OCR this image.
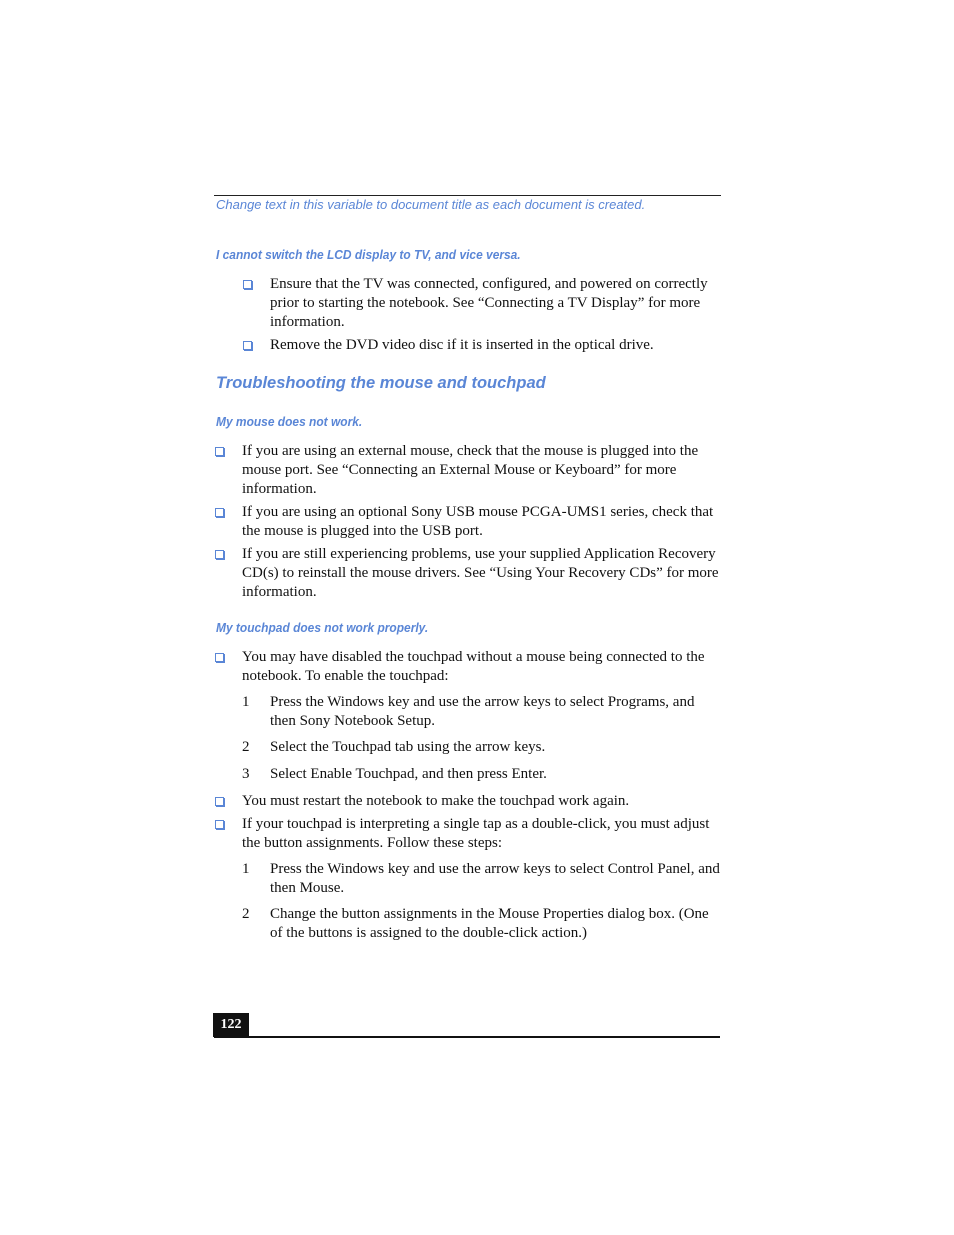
Change text in this variable to document title as each document is created.
I cannot switch the LCD display to TV, and vice versa.
Ensure that the TV was connected, configured, and powered on correctly prior to starting the notebook. See “Connecting a TV Display” for more information.
Remove the DVD video disc if it is inserted in the optical drive.
Troubleshooting the mouse and touchpad
My mouse does not work.
If you are using an external mouse, check that the mouse is plugged into the mouse port. See “Connecting an External Mouse or Keyboard” for more information.
If you are using an optional Sony USB mouse PCGA-UMS1 series, check that the mouse is plugged into the USB port.
If you are still experiencing problems, use your supplied Application Recovery CD(s) to reinstall the mouse drivers. See “Using Your Recovery CDs” for more information.
My touchpad does not work properly.
You may have disabled the touchpad without a mouse being connected to the notebook. To enable the touchpad:
1 Press the Windows key and use the arrow keys to select Programs, and then Sony Notebook Setup.
2 Select the Touchpad tab using the arrow keys.
3 Select Enable Touchpad, and then press Enter.
You must restart the notebook to make the touchpad work again.
If your touchpad is interpreting a single tap as a double-click, you must adjust the button assignments. Follow these steps:
1 Press the Windows key and use the arrow keys to select Control Panel, and then Mouse.
2 Change the button assignments in the Mouse Properties dialog box. (One of the buttons is assigned to the double-click action.)
122
